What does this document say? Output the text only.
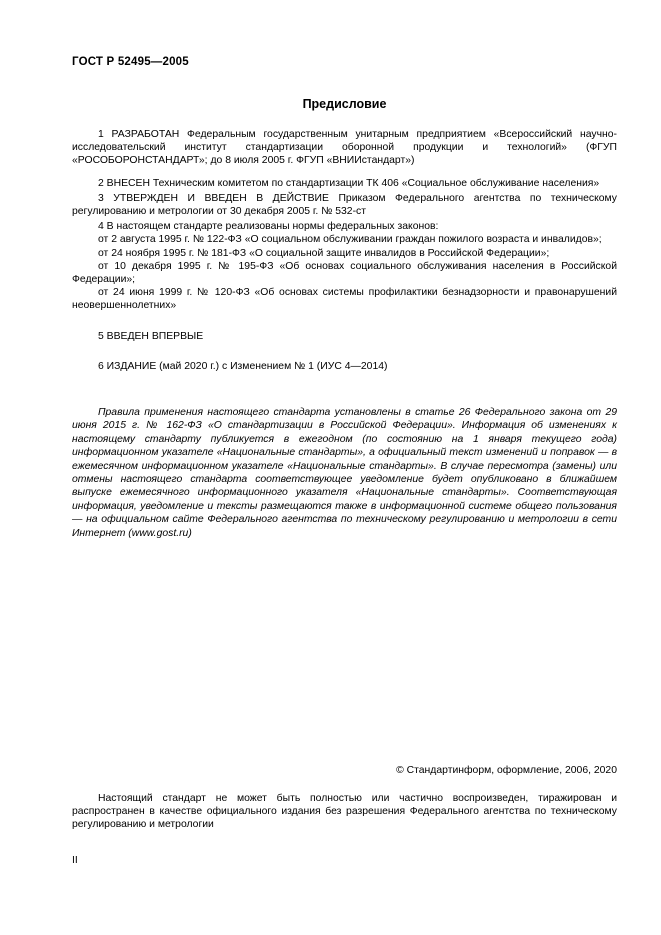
ГОСТ Р 52495—2005
Предисловие

1 РАЗРАБОТАН Федеральным государственным унитарным предприятием «Всероссийский научно-исследовательский институт стандартизации оборонной продукции и технологий» (ФГУП «РОСОБОРОНСТАНДАРТ»; до 8 июля 2005 г. ФГУП «ВНИИстандарт»)

2 ВНЕСЕН Техническим комитетом по стандартизации ТК 406 «Социальное обслуживание населения»

3 УТВЕРЖДЕН И ВВЕДЕН В ДЕЙСТВИЕ Приказом Федерального агентства по техническому регулированию и метрологии от 30 декабря 2005 г. № 532-ст

4 В настоящем стандарте реализованы нормы федеральных законов:

от 2 августа 1995 г. № 122-ФЗ «О социальном обслуживании граждан пожилого возраста и инвалидов»;

от 24 ноября 1995 г. № 181-ФЗ «О социальной защите инвалидов в Российской Федерации»;

от 10 декабря 1995 г. № 195-ФЗ «Об основах социального обслуживания населения в Российской Федерации»;

от 24 июня 1999 г. № 120-ФЗ «Об основах системы профилактики безнадзорности и правонарушений неовершеннолетних»

5 ВВЕДЕН ВПЕРВЫЕ

6 ИЗДАНИЕ (май 2020 г.) с Изменением № 1 (ИУС 4—2014)

Правила применения настоящего стандарта установлены в статье 26 Федерального закона от 29 июня 2015 г. № 162-ФЗ «О стандартизации в Российской Федерации». Информация об изменениях к настоящему стандарту публикуется в ежегодном (по состоянию на 1 января текущего года) информационном указателе «Национальные стандарты», а официальный текст изменений и поправок — в ежемесячном информационном указателе «Национальные стандарты». В случае пересмотра (замены) или отмены настоящего стандарта соответствующее уведомление будет опубликовано в ближайшем выпуске ежемесячного информационного указателя «Национальные стандарты». Соответствующая информация, уведомление и тексты размещаются также в информационной системе общего пользования — на официальном сайте Федерального агентства по техническому регулированию и метрологии в сети Интернет (www.gost.ru)

© Стандартинформ, оформление, 2006, 2020

Настоящий стандарт не может быть полностью или частично воспроизведен, тиражирован и распространен в качестве официального издания без разрешения Федерального агентства по техническому регулированию и метрологии

II
